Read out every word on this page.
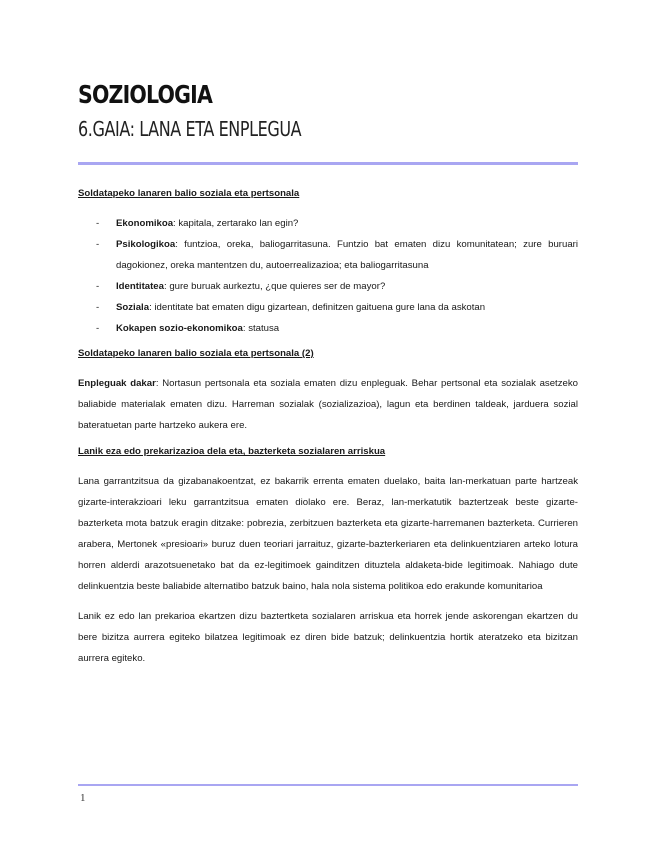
SOZIOLOGIA
6.GAIA: LANA ETA ENPLEGUA
Soldatapeko lanaren balio soziala eta pertsonala
- Ekonomikoa: kapitala, zertarako lan egin?
- Psikologikoa: funtzioa, oreka, baliogarritasuna. Funtzio bat ematen dizu komunitatean; zure buruari dagokionez, oreka mantentzen du, autoerrealizazioa; eta baliogarritasuna
- Identitatea: gure buruak aurkeztu, ¿que quieres ser de mayor?
- Soziala: identitate bat ematen digu gizartean, definitzen gaituena gure lana da askotan
- Kokapen sozio-ekonomikoa: statusa
Soldatapeko lanaren balio soziala eta pertsonala (2)

Enpleguak dakar: Nortasun pertsonala eta soziala ematen dizu enpleguak. Behar pertsonal eta sozialak asetzeko baliabide materialak ematen dizu. Harreman sozialak (sozializazioa), lagun eta berdinen taldeak, jarduera sozial bateratuetan parte hartzeko aukera ere.

Lanik eza edo prekarizazioa dela eta, bazterketa sozialaren arriskua

Lana garrantzitsua da gizabanakoentzat, ez bakarrik errenta ematen duelako, baita lan-merkatuan parte hartzeak gizarte-interakzioari leku garrantzitsua ematen diolako ere. Beraz, lan-merkatutik baztertzeak beste gizarte-bazterketa mota batzuk eragin ditzake: pobrezia, zerbitzuen bazterketa eta gizarte-harremanen bazterketa. Currieren arabera, Mertonek «presioari» buruz duen teoriari jarraituz, gizarte-bazterkeriaren eta delinkuentziaren arteko lotura horren alderdi arazotsuenetako bat da ez-legitimoek gainditzen dituztela aldaketa-bide legitimoak. Nahiago dute delinkuentzia beste baliabide alternatibo batzuk baino, hala nola sistema politikoa edo erakunde komunitarioa

Lanik ez edo lan prekarioa ekartzen dizu baztertketa sozialaren arriskua eta horrek jende askorengan ekartzen du bere bizitza aurrera egiteko bilatzea legitimoak ez diren bide batzuk; delinkuentzia hortik ateratzeko eta bizitzan aurrera egiteko.

1
